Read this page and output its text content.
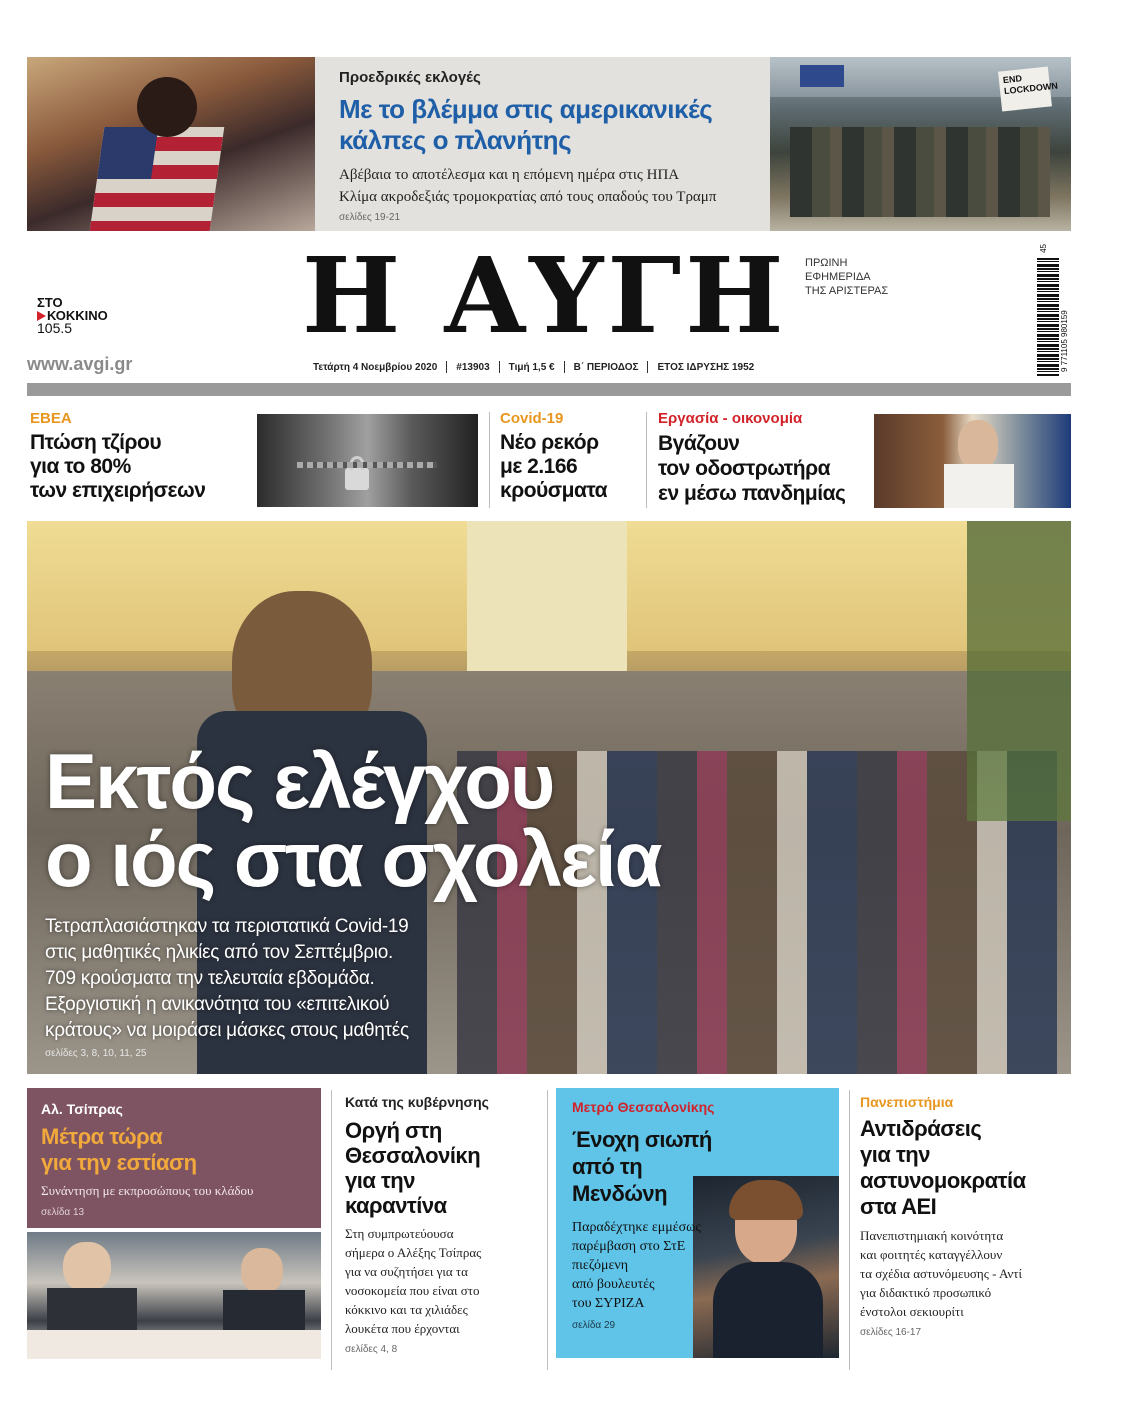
Προεδρικές εκλογές
Με το βλέμμα στις αμερικανικές
κάλπες ο πλανήτης
Αβέβαια το αποτέλεσμα και η επόμενη ημέρα στις ΗΠΑ
Κλίμα ακροδεξιάς τρομοκρατίας από τους οπαδούς του Τραμπ
σελίδες 19-21
END LOCKDOWN
ΣΤΟ
ΚΟΚΚΙΝΟ
105.5
www.avgi.gr
Η ΑΥΓΗ ΠΡΩΙΝΗ
ΕΦΗΜΕΡΙΔΑ
ΤΗΣ ΑΡΙΣΤΕΡΑΣ
Τετάρτη 4 Νοεμβρίου 2020 #13903 Τιμή 1,5 € Β΄ ΠΕΡΙΟΔΟΣ ΕΤΟΣ ΙΔΡΥΣΗΣ 1952	9 771105 980159
45
ΕΒΕΑ
Πτώση τζίρου
για το 80%
των επιχειρήσεων
Covid-19
Νέο ρεκόρ
με 2.166
κρούσματα
Εργασία - οικονομία
Βγάζουν
τον οδοστρωτήρα
εν μέσω πανδημίας
Εκτός ελέγχου
ο ιός στα σχολεία
Τετραπλασιάστηκαν τα περιστατικά Covid-19
στις μαθητικές ηλικίες από τον Σεπτέμβριο.
709 κρούσματα την τελευταία εβδομάδα.
Εξοργιστική η ανικανότητα του «επιτελικού
κράτους» να μοιράσει μάσκες στους μαθητές
σελίδες 3, 8, 10, 11, 25
Αλ. Τσίπρας
Μέτρα τώρα
για την εστίαση
Συνάντηση με εκπροσώπους του κλάδου
σελίδα 13
Κατά της κυβέρνησης
Οργή στη
Θεσσαλονίκη
για την
καραντίνα
Στη συμπρωτεύουσα
σήμερα ο Αλέξης Τσίπρας
για να συζητήσει για τα
νοσοκομεία που είναι στο
κόκκινο και τα χιλιάδες
λουκέτα που έρχονται
σελίδες 4, 8
Μετρό Θεσσαλονίκης
Ένοχη σιωπή
από τη
Μενδώνη
Παραδέχτηκε εμμέσως
παρέμβαση στο ΣτΕ
πιεζόμενη
από βουλευτές
του ΣΥΡΙΖΑ
σελίδα 29
Πανεπιστήμια
Αντιδράσεις
για την
αστυνομοκρατία
στα ΑΕΙ
Πανεπιστημιακή κοινότητα
και φοιτητές καταγγέλλουν
τα σχέδια αστυνόμευσης - Αντί
για διδακτικό προσωπικό
ένστολοι σεκιουρίτι
σελίδες 16-17
